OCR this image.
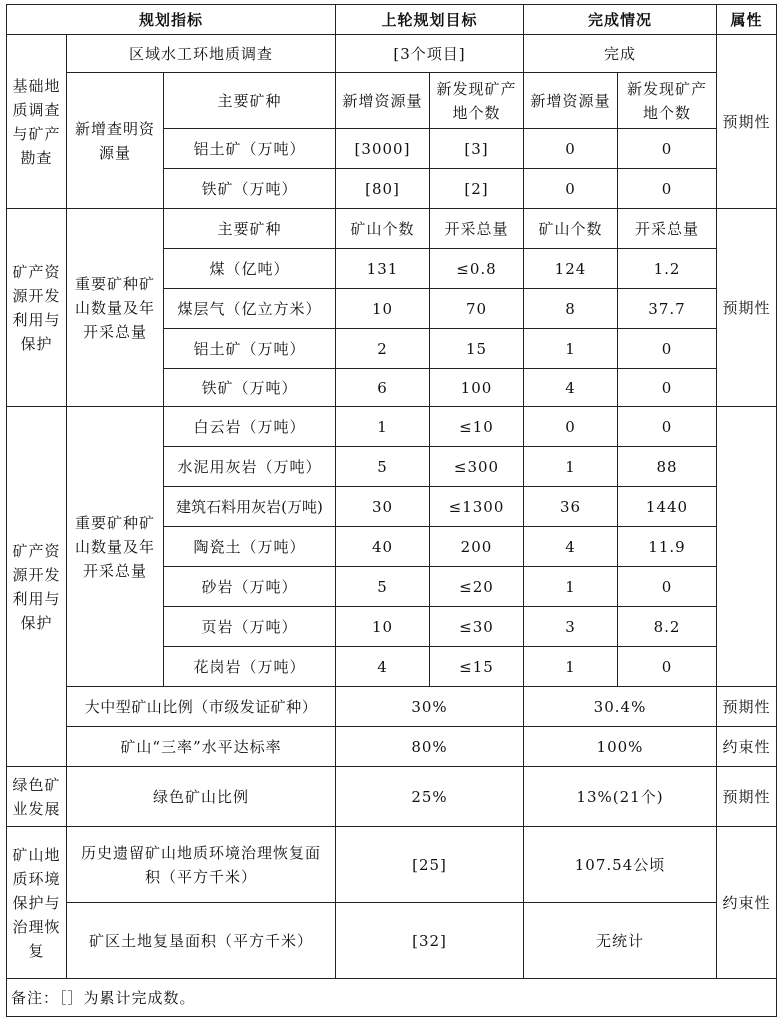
规划指标			上轮规划目标		完成情况		属性
基础地质调查与矿产勘查	区域水工环地质调查		[3个项目]		完成		预期性
	新增查明资源量	主要矿种	新增资源量	新发现矿产地个数	新增资源量	新发现矿产地个数	
		铝土矿（万吨）	[3000]	[3]	0	0	
		铁矿（万吨）	[80]	[2]	0	0	

矿产资源开发利用与保护	重要矿种矿山数量及年开采总量	主要矿种	矿山个数	开采总量	矿山个数	开采总量	预期性
		煤（亿吨）	131	≤0.8	124	1.2	
		煤层气（亿立方米）	10	70	8	37.7	
		铝土矿（万吨）	2	15	1	0	
		铁矿（万吨）	6	100	4	0	
矿产资源开发利用与保护	重要矿种矿山数量及年开采总量	白云岩（万吨）	1	≤10	0	0	
		水泥用灰岩（万吨）	5	≤300	1	88	
		建筑石料用灰岩(万吨)	30	≤1300	36	1440	
		陶瓷土（万吨）	40	200	4	11.9	
		砂岩（万吨）	5	≤20	1	0	
		页岩（万吨）	10	≤30	3	8.2	
		花岗岩（万吨）	4	≤15	1	0	
	大中型矿山比例（市级发证矿种）		30%		30.4%		预期性
	矿山“三率”水平达标率		80%		100%		约束性
绿色矿业发展	绿色矿山比例		25%		13%(21个)		预期性
矿山地质环境保护与治理恢复	历史遗留矿山地质环境治理恢复面积（平方千米）		[25]		107.54公顷		约束性
	矿区土地复垦面积（平方千米）		[32]		无统计		
备注：［］为累计完成数。							
